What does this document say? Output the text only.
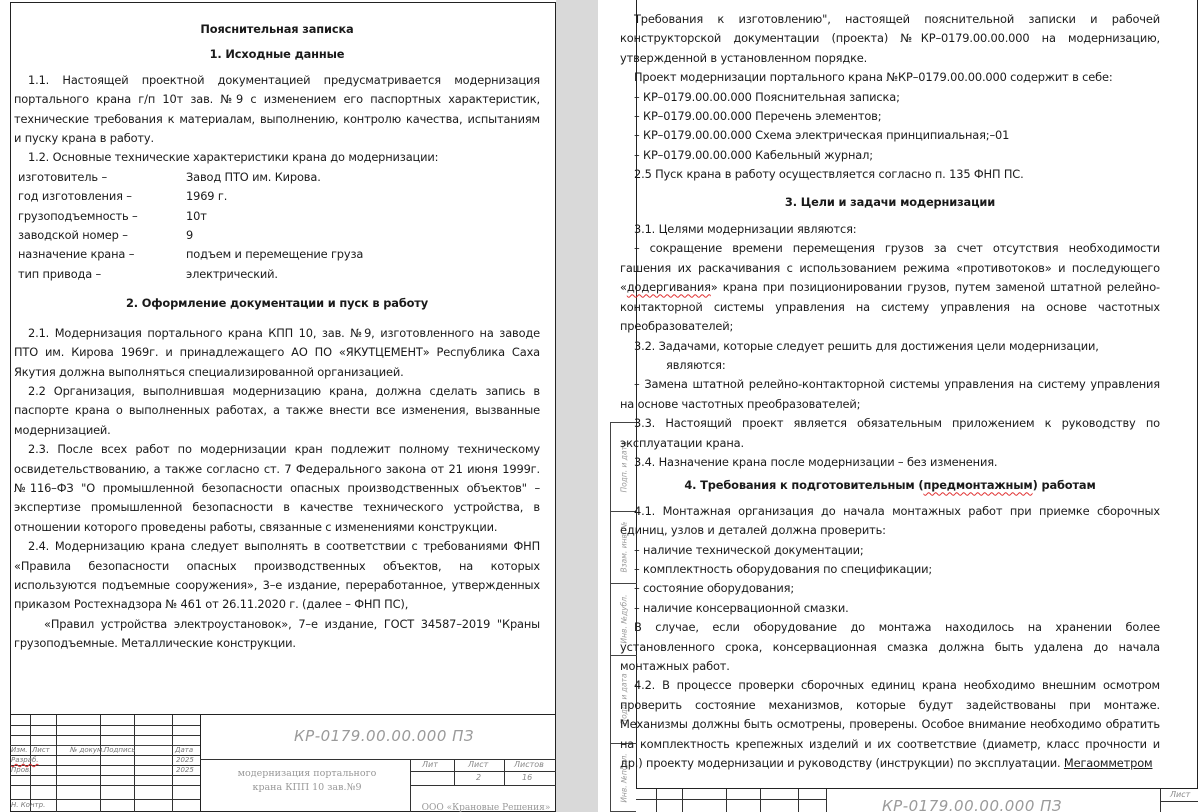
Пояснительная записка

1. Исходные данные

1.1. Настоящей проектной документацией предусматривается модернизация портального крана г/п 10т зав. №9 с изменением его паспортных характеристик, технические требования к материалам, выполнению, контролю качества, испытаниям и пуску крана в работу.

1.2. Основные технические характеристики крана до модернизации:

изготовитель –	Завод ПТО им. Кирова.
год изготовления –	1969 г.
грузоподъемность –	10т
заводской номер –	9
назначение крана –	подъем и перемещение груза
тип привода –	электрический.

2. Оформление документации и пуск в работу

2.1. Модернизация портального крана КПП 10, зав. №9, изготовленного на заводе ПТО им. Кирова 1969г. и принадлежащего АО ПО «ЯКУТЦЕМЕНТ» Республика Саха Якутия должна выполняться специализированной организацией.

2.2 Организация, выполнившая модернизацию крана, должна сделать запись в паспорте крана о выполненных работах, а также внести все изменения, вызванные модернизацией.

2.3. После всех работ по модернизации кран подлежит полному техническому освидетельствованию, а также согласно ст. 7 Федерального закона от 21 июня 1999г. №116–ФЗ "О промышленной безопасности опасных производственных объектов" – экспертизе промышленной безопасности в качестве технического устройства, в отношении которого проведены работы, связанные с изменениями конструкции.

2.4. Модернизацию крана следует выполнять в соответствии с требованиями ФНП «Правила безопасности опасных производственных объектов, на которых используются подъемные сооружения», 3–е издание, переработанное, утвержденных приказом Ростехнадзора № 461 от 26.11.2020 г. (далее – ФНП ПС),

«Правил устройства электроустановок», 7–е издание, ГОСТ 34587–2019 "Краны грузоподъемные. Металлические конструкции.

Изм. Лист	№ докум. Подпись	Дата
Разраб.	2025
Пров.	2025
Н. Контр.
КР-0179.00.00.000 ПЗ
модернизация портального крана КПП 10 зав.№9
Лит	Лист	Листов
2	16
ООО «Крановые Решения»
Подп. и дата
Взам. инв. №
Инв. №дубл.
Подп. и дата
Инв. №подл.

Требования к изготовлению", настоящей пояснительной записки и рабочей конструкторской документации (проекта) №КР–0179.00.00.000 на модернизацию, утвержденной в установленном порядке.

Проект модернизации портального крана №КР–0179.00.00.000 содержит в себе:

– КР–0179.00.00.000 Пояснительная записка;

– КР–0179.00.00.000 Перечень элементов;

– КР–0179.00.00.000 Схема электрическая принципиальная;–01

– КР–0179.00.00.000 Кабельный журнал;

2.5 Пуск крана в работу осуществляется согласно п. 135 ФНП ПС.

3. Цели и задачи модернизации

3.1. Целями модернизации являются:

– сокращение времени перемещения грузов за счет отсутствия необходимости гашения их раскачивания с использованием режима «противотоков» и последующего «додергивания» крана при позиционировании грузов, путем заменой штатной релейно-контакторной системы управления на систему управления на основе частотных преобразователей;

3.2. Задачами, которые следует решить для достижения цели модернизации,

являются:

– Замена штатной релейно-контакторной системы управления на систему управления на основе частотных преобразователей;

3.3. Настоящий проект является обязательным приложением к руководству по эксплуатации крана.

3.4. Назначение крана после модернизации – без изменения.

4. Требования к подготовительным (предмонтажным) работам

4.1. Монтажная организация до начала монтажных работ при приемке сборочных единиц, узлов и деталей должна проверить:

– наличие технической документации;

– комплектность оборудования по спецификации;

– состояние оборудования;

– наличие консервационной смазки.

В случае, если оборудование до монтажа находилось на хранении более установленного срока, консервационная смазка должна быть удалена до начала монтажных работ.

4.2. В процессе проверки сборочных единиц крана необходимо внешним осмотром проверить состояние механизмов, которые будут задействованы при монтаже. Механизмы должны быть осмотрены, проверены. Особое внимание необходимо обратить на комплектность крепежных изделий и их соответствие (диаметр, класс прочности и др.) проекту модернизации и руководству (инструкции) по эксплуатации. Мегаомметром

Лист
КР-0179.00.00.000 ПЗ
